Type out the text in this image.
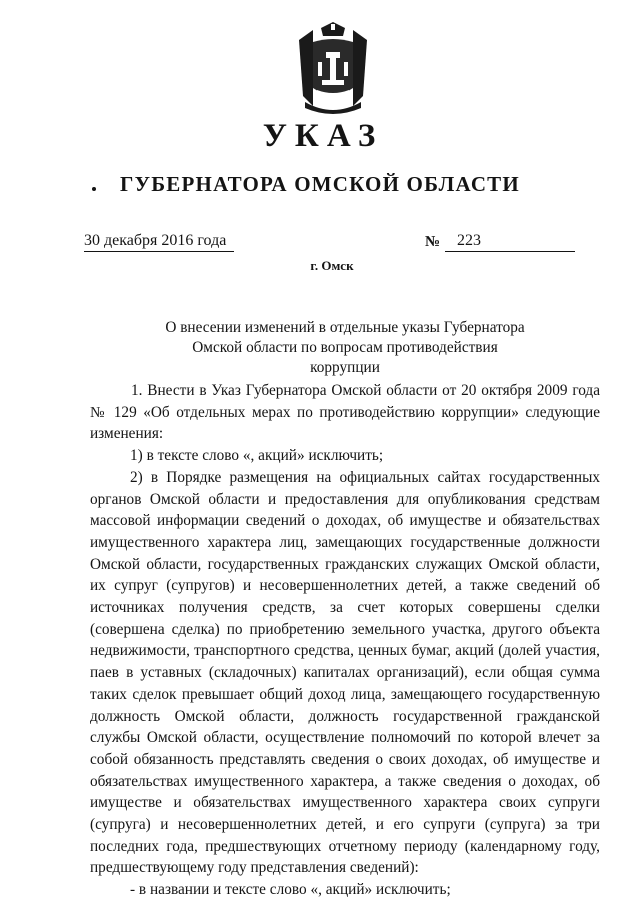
УКАЗ
ГУБЕРНАТОРА ОМСКОЙ ОБЛАСТИ
30 декабря 2016 года	№	223
г. Омск
О внесении изменений в отдельные указы Губернатора
Омской области по вопросам противодействия
коррупции
1. Внести в Указ Губернатора Омской области от 20 октября 2009 года
№ 129 «Об отдельных мерах по противодействию коррупции» следующие
изменения:
1) в тексте слово «, акций» исключить;
2) в Порядке размещения на официальных сайтах государственных
органов Омской области и предоставления для опубликования средствам
массовой информации сведений о доходах, об имуществе и обязательствах
имущественного характера лиц, замещающих государственные должности
Омской области, государственных гражданских служащих Омской области,
их супруг (супругов) и несовершеннолетних детей, а также сведений об
источниках получения средств, за счет которых совершены сделки
(совершена сделка) по приобретению земельного участка, другого объекта
недвижимости, транспортного средства, ценных бумаг, акций (долей участия,
паев в уставных (складочных) капиталах организаций), если общая сумма
таких сделок превышает общий доход лица, замещающего государственную
должность Омской области, должность государственной гражданской
службы Омской области, осуществление полномочий по которой влечет за
собой обязанность представлять сведения о своих доходах, об имуществе и
обязательствах имущественного характера, а также сведения о доходах, об
имуществе и обязательствах имущественного характера своих супруги
(супруга) и несовершеннолетних детей, и его супруги (супруга) за три
последних года, предшествующих отчетному периоду (календарному году,
предшествующему году представления сведений):
- в названии и тексте слово «, акций» исключить;
